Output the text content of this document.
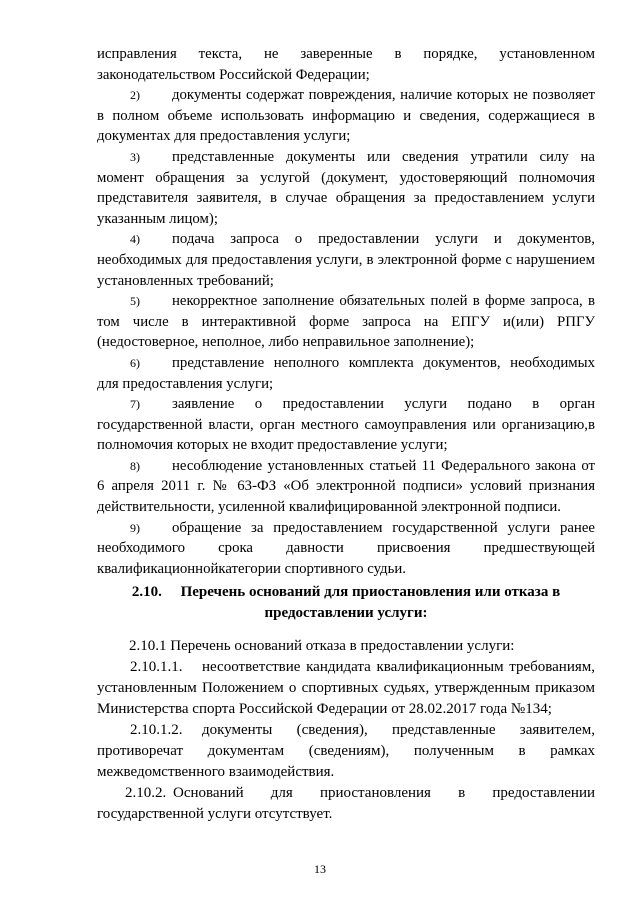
исправления текста, не заверенные в порядке, установленном законодательством Российской Федерации;

2) документы содержат повреждения, наличие которых не позволяет в полном объеме использовать информацию и сведения, содержащиеся в документах для предоставления услуги;

3) представленные документы или сведения утратили силу на момент обращения за услугой (документ, удостоверяющий полномочия представителя заявителя, в случае обращения за предоставлением услуги указанным лицом);

4) подача запроса о предоставлении услуги и документов, необходимых для предоставления услуги, в электронной форме с нарушением установленных требований;

5) некорректное заполнение обязательных полей в форме запроса, в том числе в интерактивной форме запроса на ЕПГУ и(или) РПГУ (недостоверное, неполное, либо неправильное заполнение);

6) представление неполного комплекта документов, необходимых для предоставления услуги;

7) заявление о предоставлении услуги подано в орган государственной власти, орган местного самоуправления или организацию,в полномочия которых не входит предоставление услуги;

8) несоблюдение установленных статьей 11 Федерального закона от 6 апреля 2011 г. № 63-ФЗ «Об электронной подписи» условий признания действительности, усиленной квалифицированной электронной подписи.

9) обращение за предоставлением государственной услуги ранее необходимого срока давности присвоения предшествующей квалификационнойкатегории спортивного судьи.

2.10. Перечень оснований для приостановления или отказа в
предоставлении услуги:

2.10.1 Перечень оснований отказа в предоставлении услуги:

2.10.1.1. несоответствие кандидата квалификационным требованиям, установленным Положением о спортивных судьях, утвержденным приказом Министерства спорта Российской Федерации от 28.02.2017 года №134;

2.10.1.2. документы (сведения), представленные заявителем, противоречат документам (сведениям), полученным в рамках межведомственного взаимодействия.

2.10.2. Оснований для приостановления в предоставлении государственной услуги отсутствует.

13
